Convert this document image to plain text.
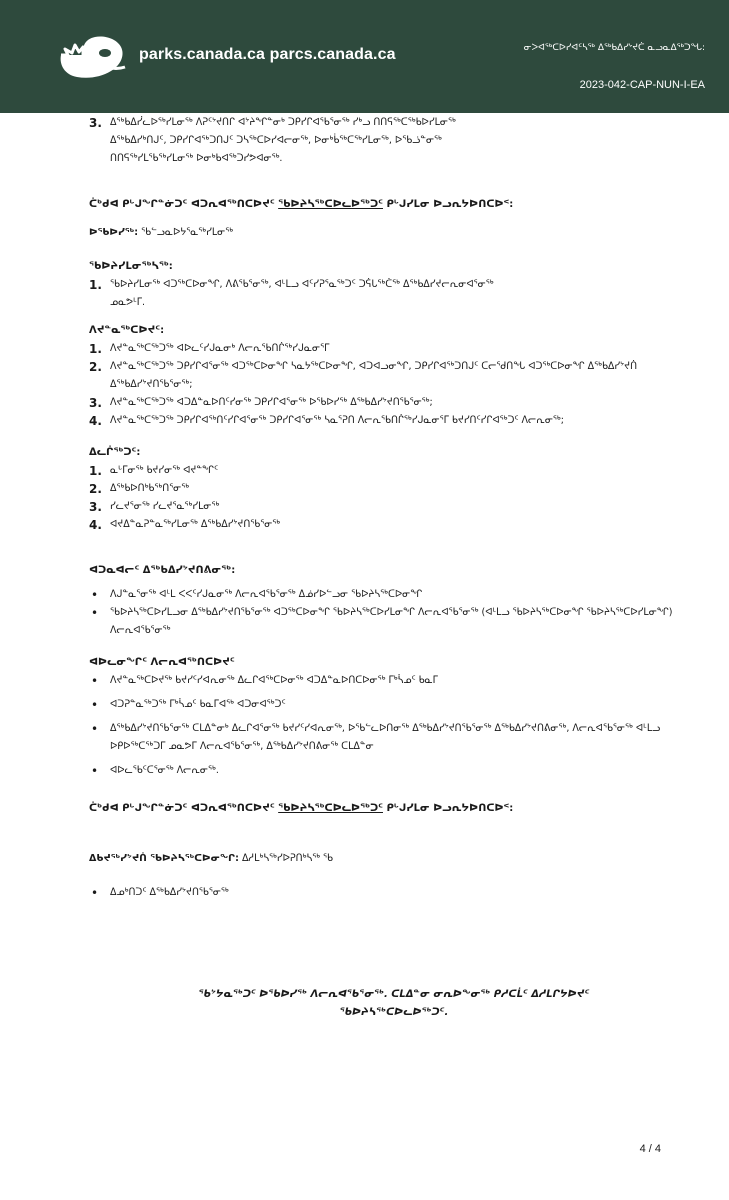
parks.canada.ca parcs.canada.ca	ᓂᐳᐊᖅᑕᐅᓯᐊᑦᓴᖅ ᐃᖅᑲᐃᓯᔾᔪᑖ ᓇᓗᓇᐃᖅᑐᖓ:
2023-042-CAP-NUN-I-EA
3. ᐃᖅᑲᐃᓰᓚᐅᖅᓯᒪᓂᖅ ᐱᕈᑦᔾᔪᑎᒋ ᐊᔾᔨᖏᓐᓂᒃ ᑐᑭᓯᒋᐊᖃᕐᓂᖅ ᓯᒃᓗ ᑎᑎᕋᖅᑕᖅᑲᐅᓯᒪᓂᖅ
ᐃᖅᑲᐃᓯᒃᑎᒍᑦ, ᑐᑭᓯᒋᐊᖅᑐᑎᒍᑦ ᑐᓴᖅᑕᐅᓯᐊᓕᓂᖅ, ᐅᓂᒃᑳᖅᑕᖅᓯᒪᓂᖅ, ᐅᖃᓘᓐᓂᖅ
ᑎᑎᕋᖅᓯᒪᖃᖅᓯᒪᓂᖅ ᐅᓂᒃᑲᐊᖅᑐᓯᕗᐊᓂᖅ.

ᑖᒃᑯᐊ ᑭᒡᒍᖏᓐᓃᑐᑦ ᐊᑐᕆᐊᖅᑎᑕᐅᔪᑦ ᖃᐅᔨᓴᖅᑕᐅᓚᐅᖅᑐᑦ ᑭᒡᒍᓯᒪᓂ ᐅᓗᕆᔭᐅᑎᑕᐅᑉ:

ᐅᖃᐅᓯᖅ: ᖃᓪᓗᓇᐅᔭᕐᓇᖅᓯᒪᓂᖅ

ᖃᐅᔨᓯᒪᓂᖅᓴᖅ:

1. ᖃᐅᔨᓯᒪᓂᖅ ᐊᑐᖅᑕᐅᓂᖏ, ᐱᕕᖃᕐᓂᖅ, ᐊᒻᒪᓗ ᐊᑦᓯᕈᕐᓇᖅᑐᑦ ᑐᕌᒐᖅᑖᖅ ᐃᖅᑲᐃᓯᔪᓕᕆᓂᐊᕐᓂᖅ
ᓄᓇᕗᒻᒥ.

ᐱᔪᓐᓇᖅᑕᐅᔪᑦ:

1. ᐱᔪᓐᓇᖅᑕᖅᑐᖅ ᐊᐅᓚᑦᓯᒍᓇᓂᒃ ᐱᓕᕆᖃᑎᒌᖅᓯᒍᓇᓂᕐᒥ
2. ᐱᔪᓐᓇᖅᑕᖅᑐᖅ ᑐᑭᓯᒋᐊᕐᓂᖅ ᐊᑐᖅᑕᐅᓂᖏ ᓴᓇᔭᖅᑕᐅᓂᖏ, ᐊᑐᐊᓗᓂᖏ, ᑐᑭᓯᒋᐊᖅᑐᑎᒍᑦ ᑕᓕᖁᑎᖓ ᐊᑐᖅᑕᐅᓂᖏ ᐃᖅᑲᐃᓯᔾᔪᑏ ᐃᖅᑲᐃᓯᔾᔪᑎᖃᕐᓂᖅ;
3. ᐱᔪᓐᓇᖅᑕᖅᑐᖅ ᐊᑐᐃᓐᓇᐅᑎᑦᓯᓂᖅ ᑐᑭᓯᒋᐊᕐᓂᖅ ᐅᖃᐅᓯᖅ ᐃᖅᑲᐃᓯᔾᔪᑎᖃᕐᓂᖅ;
4. ᐱᔪᓐᓇᖅᑕᖅᑐᖅ ᑐᑭᓯᒋᐊᖅᑎᑦᓯᒋᐊᕐᓂᖅ ᑐᑭᓯᒋᐊᕐᓂᖅ ᓴᓇᕐᕈᑎ ᐱᓕᕆᖃᑎᒌᖅᓯᒍᓇᓂᕐᒥ ᑲᔪᓯᑎᑦᓯᒋᐊᖅᑐᑦ ᐱᓕᕆᓂᖅ;

ᐃᓚᒌᖅᑐᑦ:

1. ᓇᒡᒥᓂᖅ ᑲᔪᓯᓂᖅ ᐊᔪᓐᖏᑦ
2. ᐃᖅᑲᐅᑎᒃᑲᖅᑎᕐᓂᖅ
3. ᓯᓚᔪᕐᓂᖅ ᓯᓚᔪᕐᓇᖅᓯᒪᓂᖅ
4. ᐊᔪᐃᓐᓇᕈᓐᓇᖅᓯᒪᓂᖅ ᐃᖅᑲᐃᓯᔾᔪᑎᖃᕐᓂᖅ

ᐊᑐᓇᐊᓕᑦ ᐃᖅᑲᐃᓯᔾᔪᑎᕕᓂᖅ:

• ᐱᒍᓐᓇᕐᓂᖅ ᐊᒻᒪ ᐸᐸᑦᓯᒍᓇᓂᖅ ᐱᓕᕆᐊᖃᕐᓂᖅ ᐃᓅᓯᐅᓪᓗᓂ ᖃᐅᔨᓴᖅᑕᐅᓂᖏ
• ᖃᐅᔨᓴᖅᑕᐅᓯᒪᓗᓂ ᐃᖅᑲᐃᓯᔾᔪᑎᖃᕐᓂᖅ ᐊᑐᖅᑕᐅᓂᖏ ᖃᐅᔨᓴᖅᑕᐅᓯᒪᓂᖏ ᐱᓕᕆᐊᖃᕐᓂᖅ (ᐊᒻᒪᓗ ᖃᐅᔨᓴᖅᑕᐅᓂᖏ ᖃᐅᔨᓴᖅᑕᐅᓯᒪᓂᖏ) ᐱᓕᕆᐊᖃᕐᓂᖅ

ᐊᐅᓚᓂᖏᑦ ᐱᓕᕆᐊᖅᑎᑕᐅᔪᑦ

• ᐱᔪᓐᓇᖅᑕᐅᔪᖅ ᑲᔪᓯᑦᓯᐊᕆᓂᖅ ᐃᓚᒋᐊᖅᑕᐅᓂᖅ ᐊᑐᐃᓐᓇᐅᑎᑕᐅᓂᖅ ᒥᒃᓵᓄᑦ ᑲᓇᒥ
• ᐊᑐᕈᓐᓇᖅᑐᖅ ᒥᒃᓵᓄᑦ ᑲᓇᒥᐊᖅ ᐊᑐᓂᐊᖅᑐᑦ
• ᐃᖅᑲᐃᓯᔾᔪᑎᖃᕐᓂᖅ ᑕᒪᐃᓐᓂᒃ ᐃᓚᒋᐊᕐᓂᖅ ᑲᔪᓯᑦᓯᐊᕆᓂᖅ, ᐅᖃᓪᓚᐅᑎᓂᖅ ᐃᖅᑲᐃᓯᔾᔪᑎᖃᕐᓂᖅ ᐃᖅᑲᐃᓯᔾᔪᑎᕕᓂᖅ, ᐱᓕᕆᐊᖃᕐᓂᖅ ᐊᒻᒪᓗ ᐅᑭᐅᖅᑕᖅᑐᒥ ᓄᓇᕗᒥ ᐱᓕᕆᐊᖃᕐᓂᖅ, ᐃᖅᑲᐃᓯᔾᔪᑎᕕᓂᖅ ᑕᒪᐃᓐᓂ
• ᐊᐅᓚᖃᑦᑕᕐᓂᖅ ᐱᓕᕆᓂᖅ.

ᑖᒃᑯᐊ ᑭᒡᒍᖏᓐᓃᑐᑦ ᐊᑐᕆᐊᖅᑎᑕᐅᔪᑦ ᖃᐅᔨᓴᖅᑕᐅᓚᐅᖅᑐᑦ ᑭᒡᒍᓯᒪᓂ ᐅᓗᕆᔭᐅᑎᑕᐅᑉ:

ᐃᑲᔪᖅᓯᔾᔪᑏ ᖃᐅᔨᓴᖅᑕᐅᓂᖏ: ᐃᓱᒪᒃᓴᖅᓯᐅᕈᑎᒃᓴᖅ ᖃ

• ᐃᓄᒃᑎᑐᑦ ᐃᖅᑲᐃᓯᔾᔪᑎᖃᕐᓂᖅ

ᖃᔾᔭᓇᖅᑐᑦ ᐅᖃᐅᓯᖅ ᐱᓕᕆᐊᖃᕐᓂᖅ. ᑕᒪᐃᓐᓂ ᓂᕆᐅᖕᓂᖅ ᑭᓱᑕᒫᑦ ᐃᓱᒪᒋᔭᐅᔪᑦ
ᖃᐅᔨᓴᖅᑕᐅᓚᐅᖅᑐᑦ.

4 / 4
